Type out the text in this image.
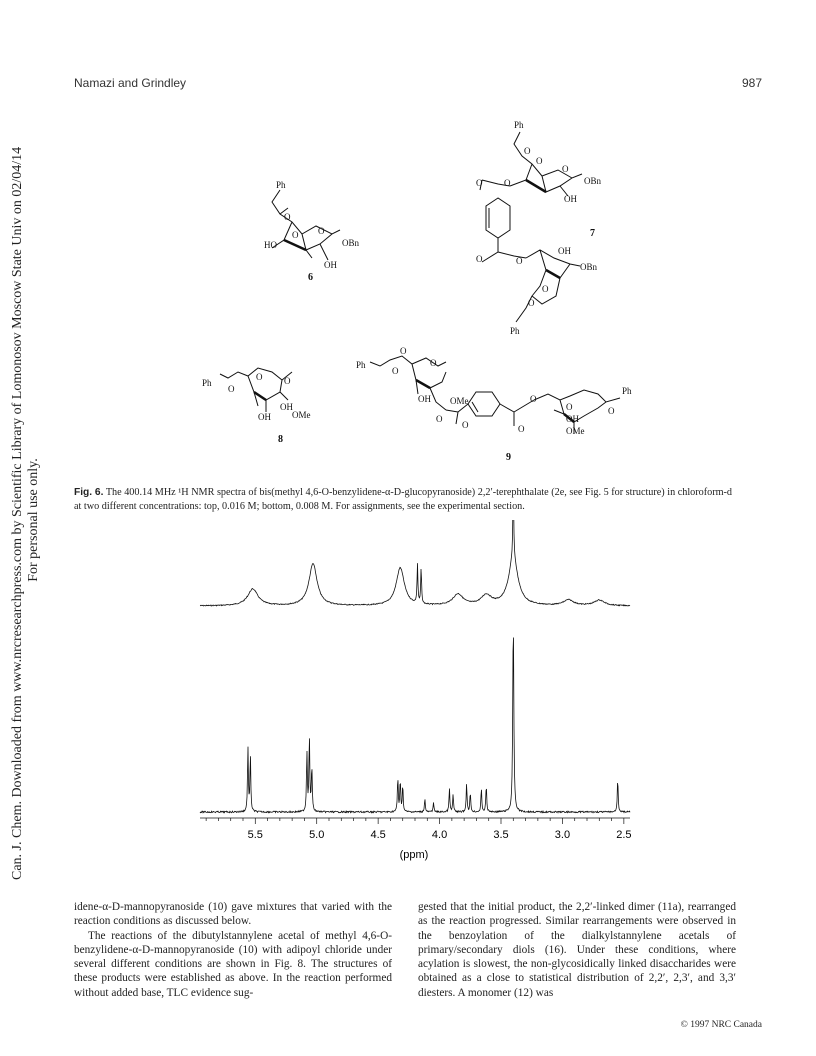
Namazi and Grindley	987
Can. J. Chem. Downloaded from www.nrcresearchpress.com by Scientific Library of Lomonosov Moscow State Univ on 02/04/14 For personal use only.
Ph
O
O O
HO	OBn
OH
6
Ph
O
O
O
O O	OBn
OH
O	O
OH
OBn
O
O
Ph
7
Ph
O
O O
OH
OH OMe
8
Ph
O
O
O
OH OMe
O
O	O
O
O	O
Ph
OH
OMe
9
Fig. 6. The 400.14 MHz ¹H NMR spectra of bis(methyl 4,6-O-benzylidene-α-D-glucopyranoside) 2,2′-terephthalate (2e, see Fig. 5 for structure) in chloroform-d at two different concentrations: top, 0.016 M; bottom, 0.008 M. For assignments, see the experimental section.
5.5	5.0	4.5	4.0	3.5	3.0	2.5
(ppm)

idene-α-D-mannopyranoside (10) gave mixtures that varied with the reaction conditions as discussed below.

The reactions of the dibutylstannylene acetal of methyl 4,6-O-benzylidene-α-D-mannopyranoside (10) with adipoyl chloride under several different conditions are shown in Fig. 8. The structures of these products were established as above. In the reaction performed without added base, TLC evidence sug-

gested that the initial product, the 2,2′-linked dimer (11a), rearranged as the reaction progressed. Similar rearrangements were observed in the benzoylation of the dialkylstannylene acetals of primary/secondary diols (16). Under these conditions, where acylation is slowest, the non-glycosidically linked disaccharides were obtained as a close to statistical distribution of 2,2′, 2,3′, and 3,3′ diesters. A monomer (12) was

© 1997 NRC Canada
